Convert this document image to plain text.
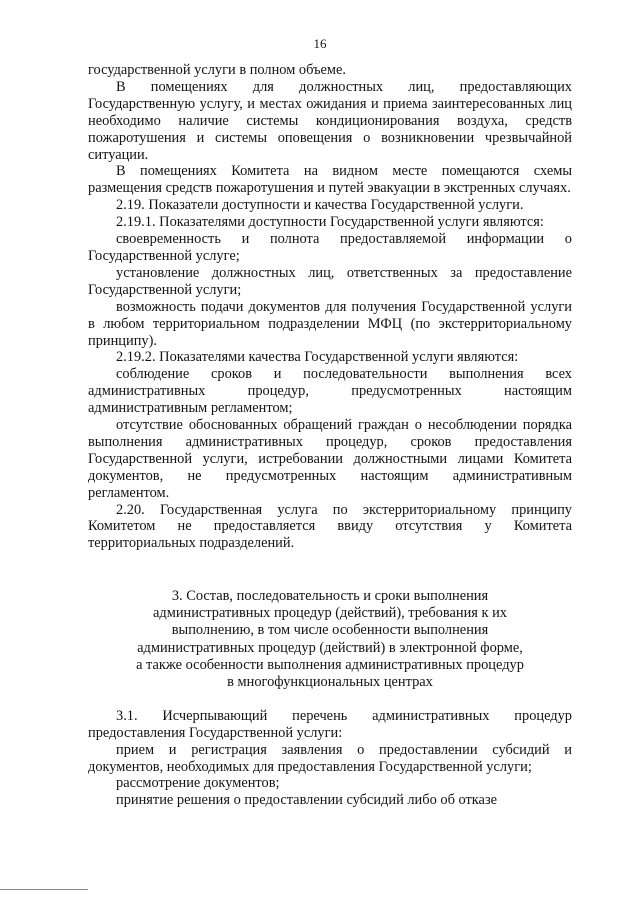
16

государственной услуги в полном объеме.

В помещениях для должностных лиц, предоставляющих Государственную услугу, и местах ожидания и приема заинтересованных лиц необходимо наличие системы кондиционирования воздуха, средств пожаротушения и системы оповещения о возникновении чрезвычайной ситуации.

В помещениях Комитета на видном месте помещаются схемы размещения средств пожаротушения и путей эвакуации в экстренных случаях.

2.19. Показатели доступности и качества Государственной услуги.

2.19.1. Показателями доступности Государственной услуги являются:

своевременность и полнота предоставляемой информации о Государственной услуге;

установление должностных лиц, ответственных за предоставление Государственной услуги;

возможность подачи документов для получения Государственной услуги в любом территориальном подразделении МФЦ (по экстерриториальному принципу).

2.19.2. Показателями качества Государственной услуги являются:

соблюдение сроков и последовательности выполнения всех административных процедур, предусмотренных настоящим административным регламентом;

отсутствие обоснованных обращений граждан о несоблюдении порядка выполнения административных процедур, сроков предоставления Государственной услуги, истребовании должностными лицами Комитета документов, не предусмотренных настоящим административным регламентом.

2.20. Государственная услуга по экстерриториальному принципу Комитетом не предоставляется ввиду отсутствия у Комитета территориальных подразделений.

3. Состав, последовательность и сроки выполнения
административных процедур (действий), требования к их
выполнению, в том числе особенности выполнения
административных процедур (действий) в электронной форме,
а также особенности выполнения административных процедур
в многофункциональных центрах

3.1. Исчерпывающий перечень административных процедур предоставления Государственной услуги:

прием и регистрация заявления о предоставлении субсидий и документов, необходимых для предоставления Государственной услуги;

рассмотрение документов;

принятие решения о предоставлении субсидий либо об отказе
